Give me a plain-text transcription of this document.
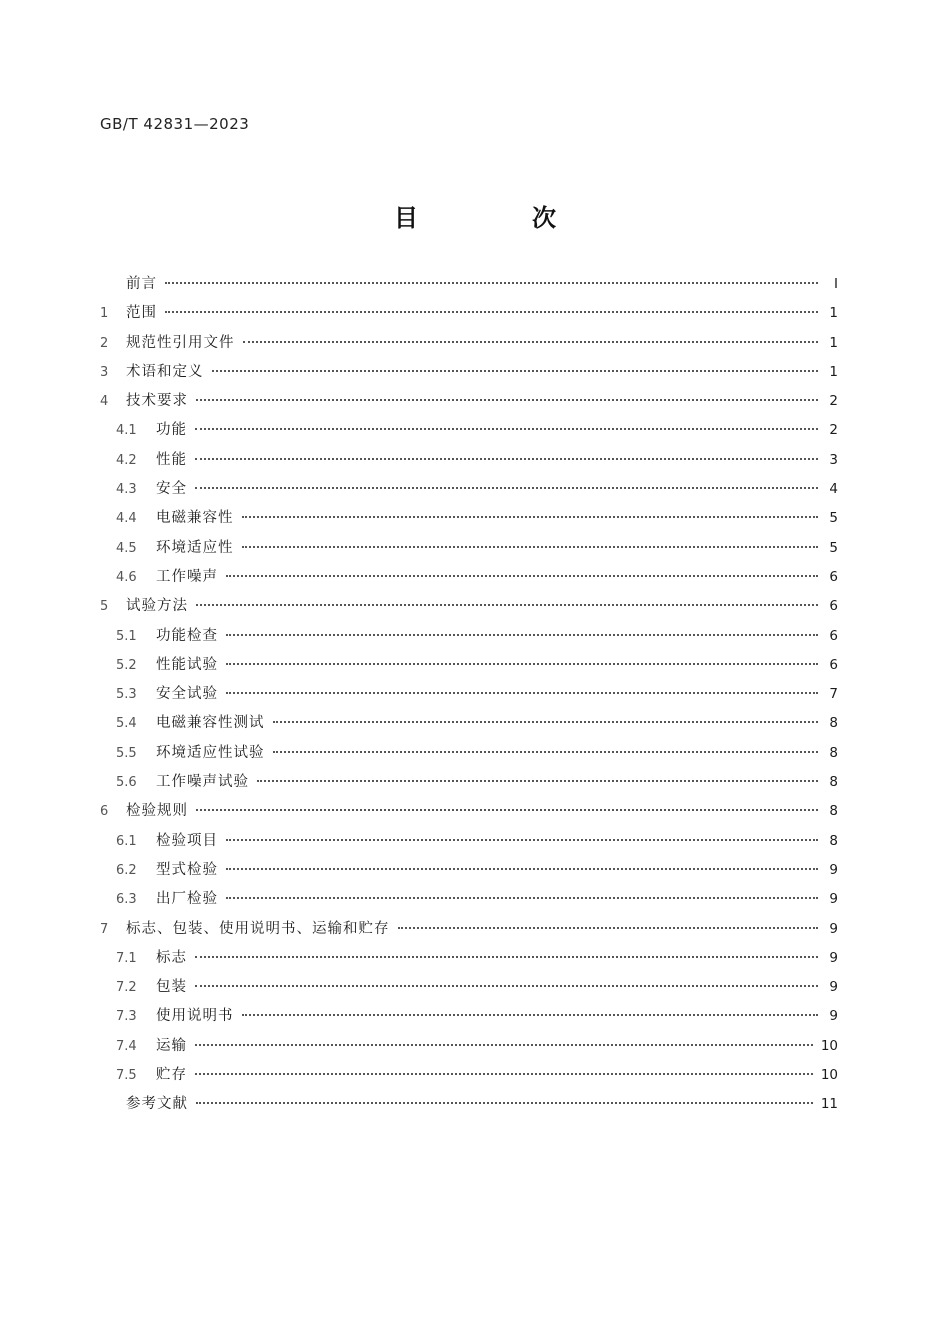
GB/T 42831—2023
目　次
前言	Ⅰ
1	范围	1
2	规范性引用文件	1
3	术语和定义	1
4	技术要求	2
4.1	功能	2
4.2	性能	3
4.3	安全	4
4.4	电磁兼容性	5
4.5	环境适应性	5
4.6	工作噪声	6
5	试验方法	6
5.1	功能检查	6
5.2	性能试验	6
5.3	安全试验	7
5.4	电磁兼容性测试	8
5.5	环境适应性试验	8
5.6	工作噪声试验	8
6	检验规则	8
6.1	检验项目	8
6.2	型式检验	9
6.3	出厂检验	9
7	标志、包装、使用说明书、运输和贮存	9
7.1	标志	9
7.2	包装	9
7.3	使用说明书	9
7.4	运输	10
7.5	贮存	10
参考文献	11
